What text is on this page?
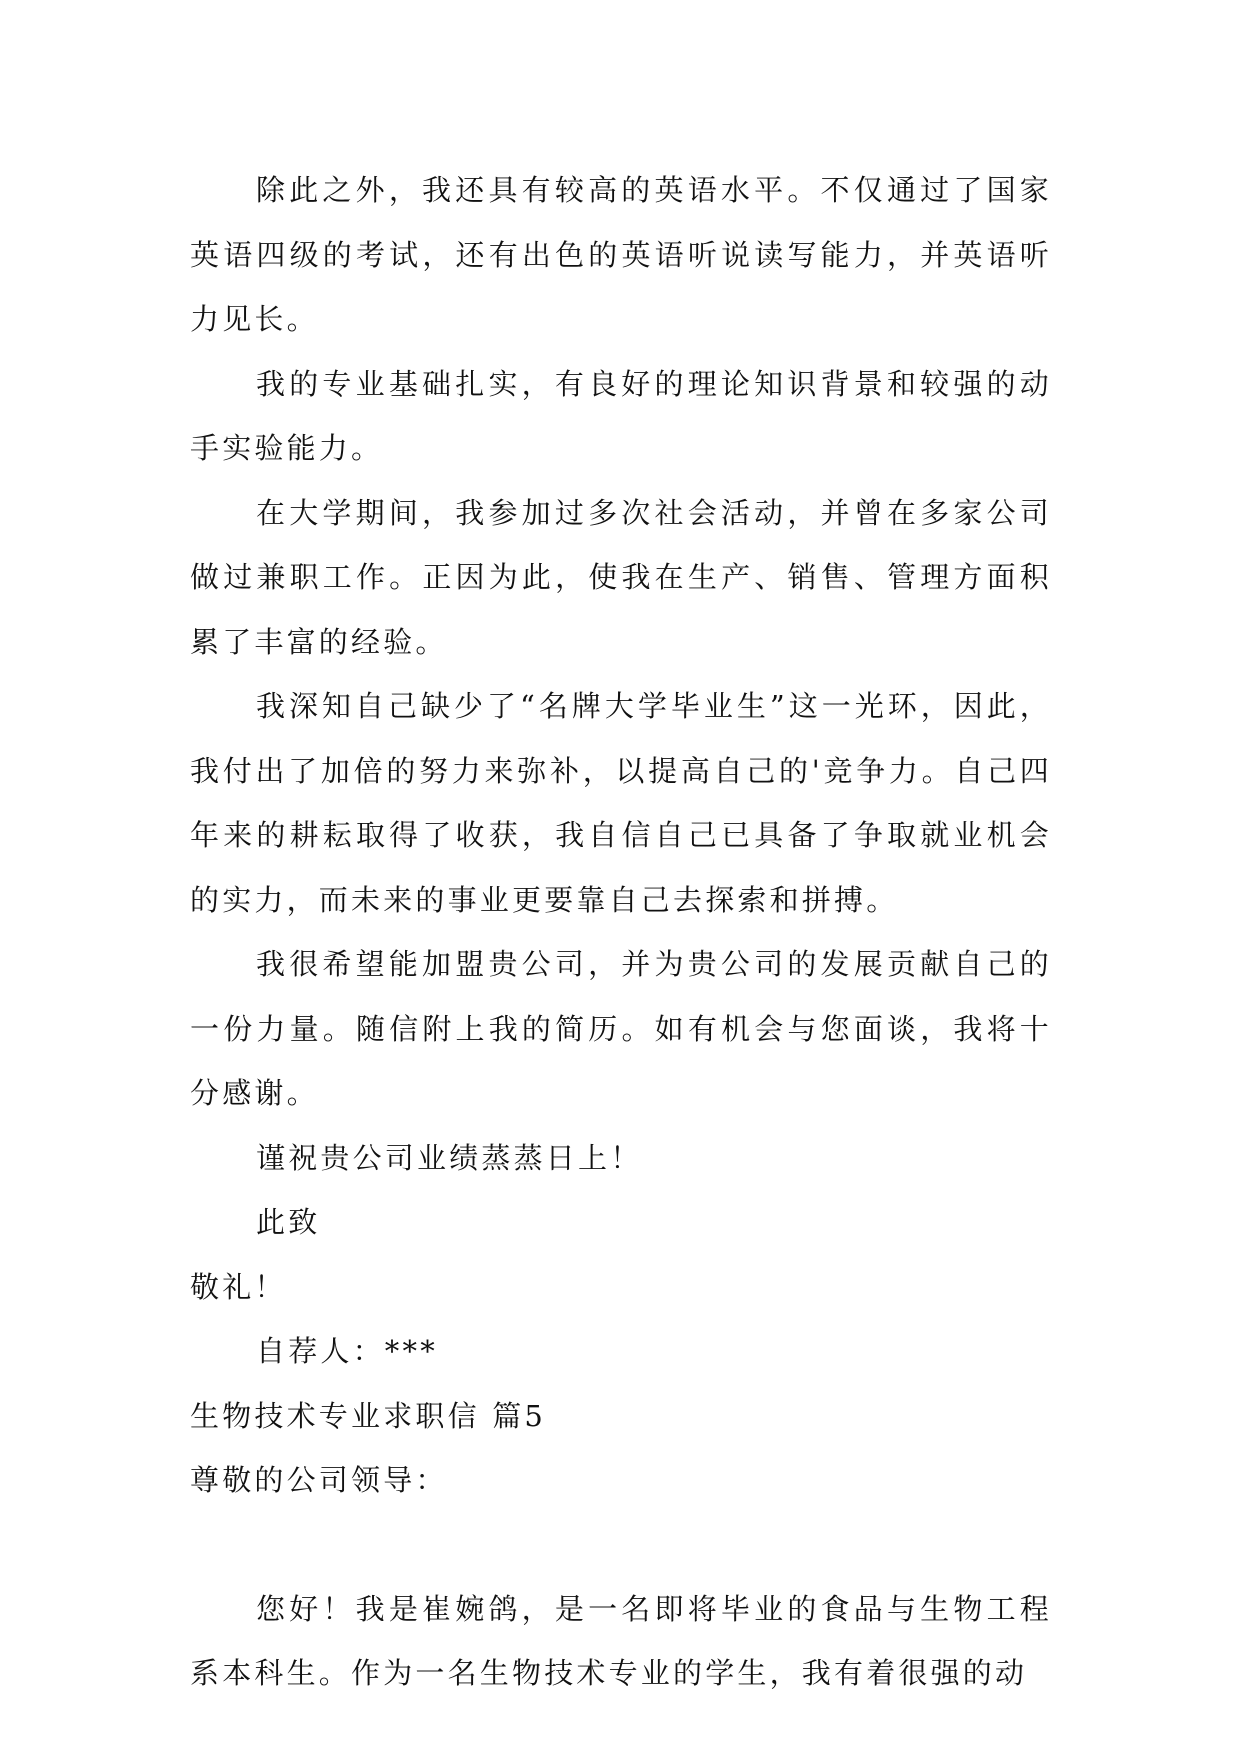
除此之外，我还具有较高的英语水平。不仅通过了国家英语四级的考试，还有出色的英语听说读写能力，并英语听力见长。

我的专业基础扎实，有良好的理论知识背景和较强的动手实验能力。

在大学期间，我参加过多次社会活动，并曾在多家公司做过兼职工作。正因为此，使我在生产、销售、管理方面积累了丰富的经验。

我深知自己缺少了“名牌大学毕业生”这一光环，因此，我付出了加倍的努力来弥补，以提高自己的'竞争力。自己四年来的耕耘取得了收获，我自信自己已具备了争取就业机会的实力，而未来的事业更要靠自己去探索和拼搏。

我很希望能加盟贵公司，并为贵公司的发展贡献自己的一份力量。随信附上我的简历。如有机会与您面谈，我将十分感谢。

谨祝贵公司业绩蒸蒸日上！

此致

敬礼！

自荐人：***

生物技术专业求职信 篇5

尊敬的公司领导：

您好！我是崔婉鸽，是一名即将毕业的食品与生物工程系本科生。作为一名生物技术专业的学生，我有着很强的动
